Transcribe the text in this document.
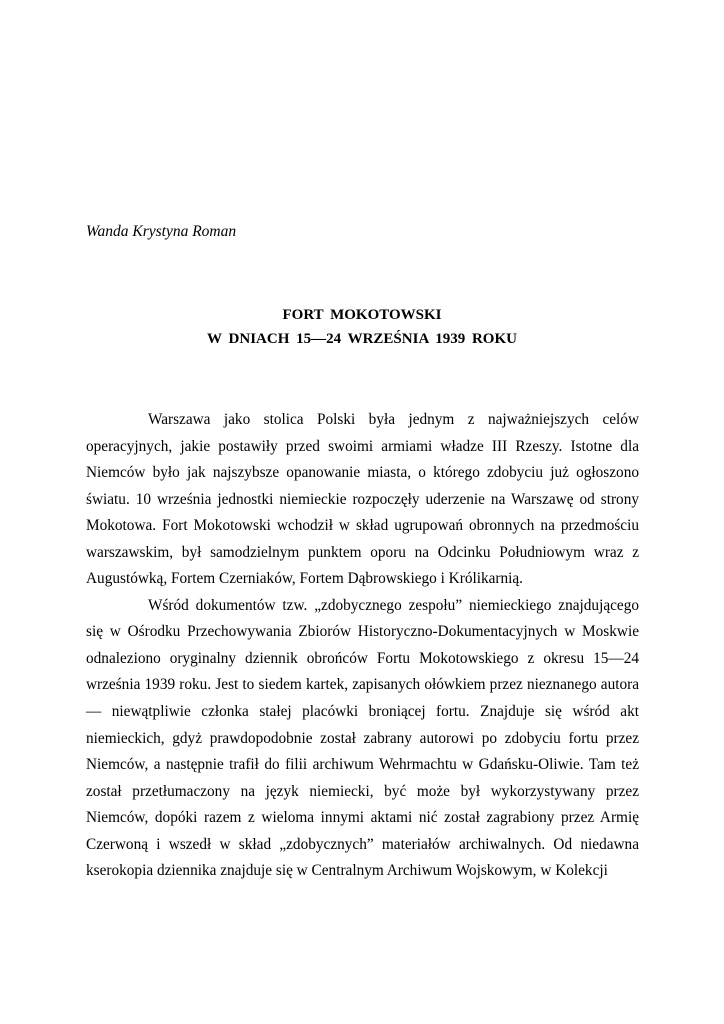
Wanda Krystyna Roman
FORT MOKOTOWSKI
W DNIACH 15—24 WRZEŚNIA 1939 ROKU

Warszawa jako stolica Polski była jednym z najważniejszych celów operacyjnych, jakie postawiły przed swoimi armiami władze III Rzeszy. Istotne dla Niemców było jak najszybsze opanowanie miasta, o którego zdobyciu już ogłoszono światu. 10 września jednostki niemieckie rozpoczęły uderzenie na Warszawę od strony Mokotowa. Fort Mokotowski wchodził w skład ugrupowań obronnych na przedmościu warszawskim, był samodzielnym punktem oporu na Odcinku Południowym wraz z Augustówką, Fortem Czerniaków, Fortem Dąbrowskiego i Królikarnią.

Wśród dokumentów tzw. „zdobycznego zespołu” niemieckiego znajdującego się w Ośrodku Przechowywania Zbiorów Historyczno-Dokumentacyjnych w Moskwie odnaleziono oryginalny dziennik obrońców Fortu Mokotowskiego z okresu 15—24 września 1939 roku. Jest to siedem kartek, zapisanych ołówkiem przez nieznanego autora — niewątpliwie członka stałej placówki broniącej fortu. Znajduje się wśród akt niemieckich, gdyż prawdopodobnie został zabrany autorowi po zdobyciu fortu przez Niemców, a następnie trafił do filii archiwum Wehrmachtu w Gdańsku-Oliwie. Tam też został przetłumaczony na język niemiecki, być może był wykorzystywany przez Niemców, dopóki razem z wieloma innymi aktami nić został zagrabiony przez Armię Czerwoną i wszedł w skład „zdobycznych” materiałów archiwalnych. Od niedawna kserokopia dziennika znajduje się w Centralnym Archiwum Wojskowym, w Kolekcji
